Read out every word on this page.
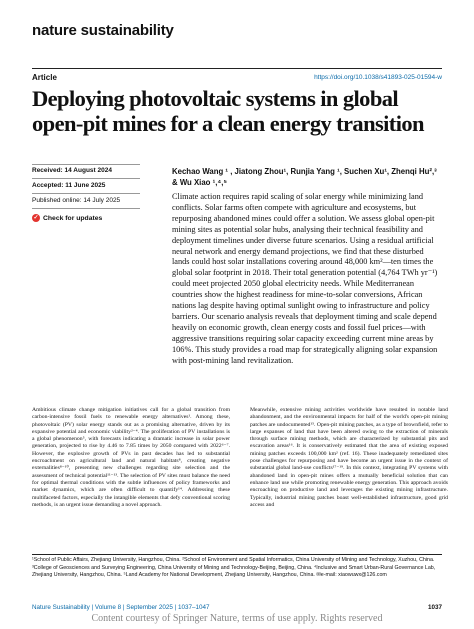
nature sustainability
Article	https://doi.org/10.1038/s41893-025-01594-w
Deploying photovoltaic systems in global open-pit mines for a clean energy transition
Received: 14 August 2024
Accepted: 11 June 2025
Published online: 14 July 2025
✓ Check for updates
Kechao Wang ¹ , Jiatong Zhou¹, Runjia Yang ¹, Suchen Xu¹, Zhenqi Hu²,³ & Wu Xiao ¹,⁴,⁵
Climate action requires rapid scaling of solar energy while minimizing land conflicts. Solar farms often compete with agriculture and ecosystems, but repurposing abandoned mines could offer a solution. We assess global open-pit mining sites as potential solar hubs, analysing their technical feasibility and deployment timelines under diverse future scenarios. Using a residual artificial neural network and energy demand projections, we find that these disturbed lands could host solar installations covering around 48,000 km²—ten times the global solar footprint in 2018. Their total generation potential (4,764 TWh yr⁻¹) could meet projected 2050 global electricity needs. While Mediterranean countries show the highest readiness for mine-to-solar conversions, African nations lag despite having optimal sunlight owing to infrastructure and policy barriers. Our scenario analysis reveals that deployment timing and scale depend heavily on economic growth, clean energy costs and fossil fuel prices—with aggressive transitions requiring solar capacity exceeding current mine areas by 106%. This study provides a road map for strategically aligning solar expansion with post-mining land revitalization.
Ambitious climate change mitigation initiatives call for a global transition from carbon-intensive fossil fuels to renewable energy alternatives¹. Among these, photovoltaic (PV) solar energy stands out as a promising alternative, driven by its expansive potential and economic viability²⁻⁴. The proliferation of PV installations is a global phenomenon⁵, with forecasts indicating a dramatic increase in solar power generation, projected to rise by 4.46 to 7.85 times by 2050 compared with 2022⁶⁻⁷. However, the explosive growth of PVs in past decades has led to substantial encroachment on agricultural land and natural habitats⁸, creating negative externalities⁸⁻¹⁰, presenting new challenges regarding site selection and the assessment of technical potential¹¹⁻¹³. The selection of PV sites must balance the need for optimal thermal conditions with the subtle influences of policy frameworks and market dynamics, which are often difficult to quantify¹⁴. Addressing these multifaceted factors, especially the intangible elements that defy conventional scoring methods, is an urgent issue demanding a novel approach.
Meanwhile, extensive mining activities worldwide have resulted in notable land abandonment, and the environmental impacts for half of the world's open-pit mining patches are undocumented¹⁵. Open-pit mining patches, as a type of brownfield, refer to large expanses of land that have been altered owing to the extraction of minerals through surface mining methods, which are characterized by substantial pits and excavation areas¹⁶. It is conservatively estimated that the area of existing exposed mining patches exceeds 100,000 km² (ref. 16). These inadequately remediated sites pose challenges for repurposing and have become an urgent issue in the context of substantial global land-use conflicts¹⁷⁻¹⁹. In this context, integrating PV systems with abandoned land in open-pit mines offers a mutually beneficial solution that can enhance land use while promoting renewable energy generation. This approach avoids encroaching on productive land and leverages the existing mining infrastructure. Typically, industrial mining patches boast well-established infrastructure, good grid access and
¹School of Public Affairs, Zhejiang University, Hangzhou, China. ²School of Environment and Spatial Informatics, China University of Mining and Technology, Xuzhou, China. ³College of Geosciences and Surveying Engineering, China University of Mining and Technology-Beijing, Beijing, China. ⁴Inclusive and Smart Urban-Rural Governance Lab, Zhejiang University, Hangzhou, China. ⁵Land Academy for National Development, Zhejiang University, Hangzhou, China. ✉e-mail: xiaowuwx@126.com
Nature Sustainability | Volume 8 | September 2025 | 1037–1047	1037
Content courtesy of Springer Nature, terms of use apply. Rights reserved
